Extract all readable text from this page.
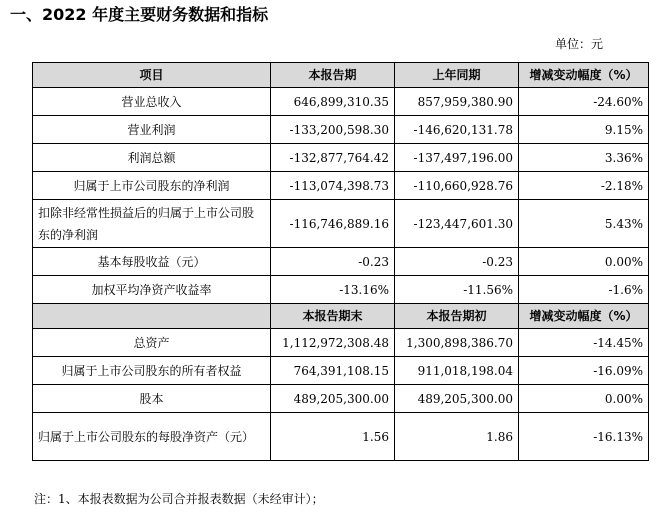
一、2022 年度主要财务数据和指标
单位：元
项目	本报告期	上年同期	增减变动幅度（%）
营业总收入	646,899,310.35	857,959,380.90	-24.60%
营业利润	-133,200,598.30	-146,620,131.78	9.15%
利润总额	-132,877,764.42	-137,497,196.00	3.36%
归属于上市公司股东的净利润	-113,074,398.73	-110,660,928.76	-2.18%
扣除非经常性损益后的归属于上市公司股东的净利润	-116,746,889.16	-123,447,601.30	5.43%
基本每股收益（元）	-0.23	-0.23	0.00%
加权平均净资产收益率	-13.16%	-11.56%	-1.6%
	本报告期末	本报告期初	增减变动幅度（%）
总资产	1,112,972,308.48	1,300,898,386.70	-14.45%
归属于上市公司股东的所有者权益	764,391,108.15	911,018,198.04	-16.09%
股本	489,205,300.00	489,205,300.00	0.00%
归属于上市公司股东的每股净资产（元）	1.56	1.86	-16.13%
注：1、本报表数据为公司合并报表数据（未经审计）；
